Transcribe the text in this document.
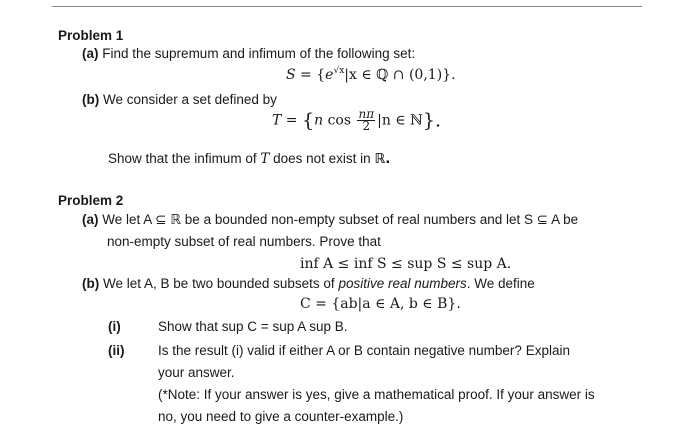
Problem 1
(a) Find the supremum and infimum of the following set:
$S = \{e^{√x}|x$ ∈ ℚ ∩ (0,1)}.
(b) We consider a set defined by
T = {n $\cos \frac{n\pi}{2} |n$ ∈ ℕ}.
Show that the infimum of T does not exist in ℝ.
Problem 2
(a) We let A ⊆ ℝ be a bounded non-empty subset of real numbers and let S ⊆ A be
non-empty subset of real numbers. Prove that
inf A ≤ inf S ≤ sup S ≤ sup A.
(b) We let A, B be two bounded subsets of positive real numbers. We define
C = {ab|a ∈ A, b ∈ B}.
(i)	Show that sup C = sup A sup B.
(ii) Is the result (i) valid if either A or B contain negative number? Explain
your answer.
(*Note: If your answer is yes, give a mathematical proof. If your answer is
no, you need to give a counter-example.)
